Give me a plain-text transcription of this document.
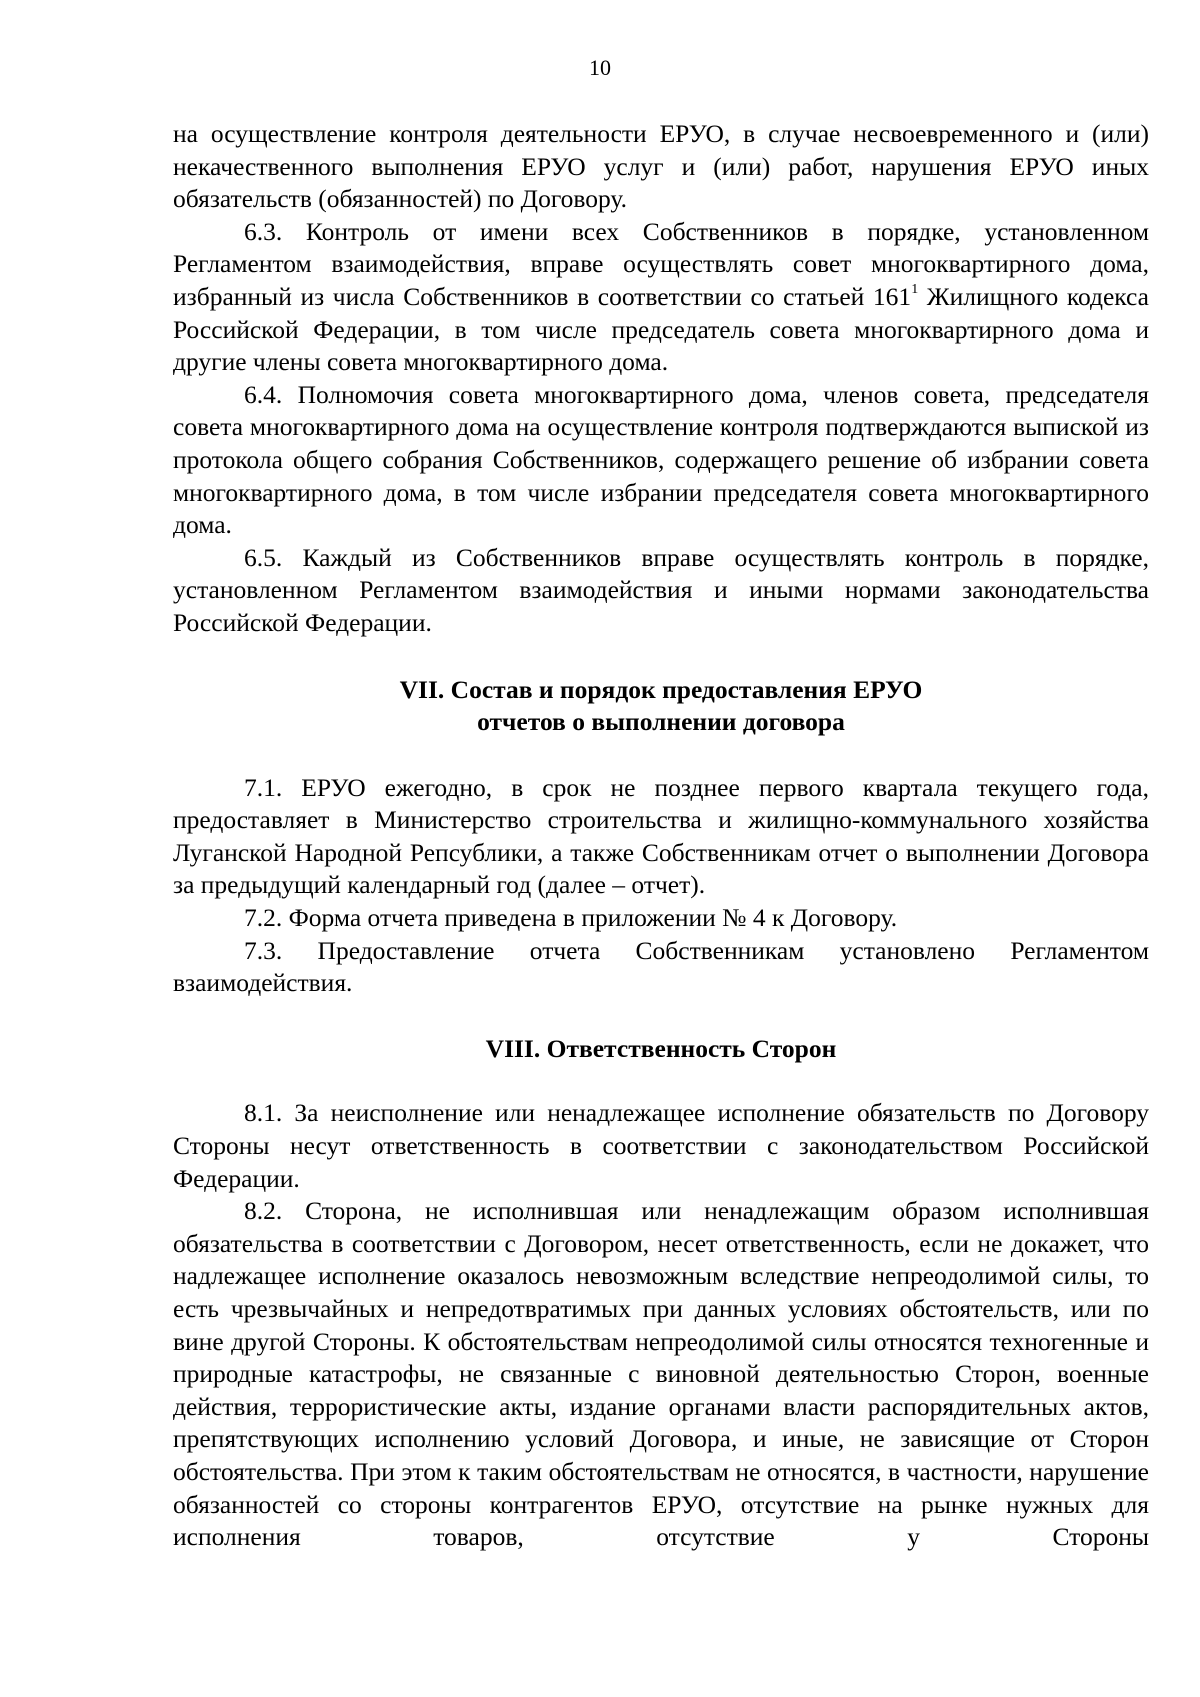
10

на осуществление контроля деятельности ЕРУО, в случае несвоевременного и (или) некачественного выполнения ЕРУО услуг и (или) работ, нарушения ЕРУО иных обязательств (обязанностей) по Договору.

6.3. Контроль от имени всех Собственников в порядке, установленном Регламентом взаимодействия, вправе осуществлять совет многоквартирного дома, избранный из числа Собственников в соответствии со статьей $161^1$ Жилищного кодекса Российской Федерации, в том числе председатель совета многоквартирного дома и другие члены совета многоквартирного дома.

6.4. Полномочия совета многоквартирного дома, членов совета, председателя совета многоквартирного дома на осуществление контроля подтверждаются выпиской из протокола общего собрания Собственников, содержащего решение об избрании совета многоквартирного дома, в том числе избрании председателя совета многоквартирного дома.

6.5. Каждый из Собственников вправе осуществлять контроль в порядке, установленном Регламентом взаимодействия и иными нормами законодательства Российской Федерации.

VII. Состав и порядок предоставления ЕРУО

отчетов о выполнении договора

7.1. ЕРУО ежегодно, в срок не позднее первого квартала текущего года, предоставляет в Министерство строительства и жилищно-коммунального хозяйства Луганской Народной Репсублики, а также Собственникам отчет о выполнении Договора за предыдущий календарный год (далее – отчет).

7.2. Форма отчета приведена в приложении № 4 к Договору.

7.3. Предоставление отчета Собственникам установлено Регламентом взаимодействия.

VIII. Ответственность Сторон

8.1. За неисполнение или ненадлежащее исполнение обязательств по Договору Стороны несут ответственность в соответствии с законодательством Российской Федерации.

8.2. Сторона, не исполнившая или ненадлежащим образом исполнившая обязательства в соответствии с Договором, несет ответственность, если не докажет, что надлежащее исполнение оказалось невозможным вследствие непреодолимой силы, то есть чрезвычайных и непредотвратимых при данных условиях обстоятельств, или по вине другой Стороны. К обстоятельствам непреодолимой силы относятся техногенные и природные катастрофы, не связанные с виновной деятельностью Сторон, военные действия, террористические акты, издание органами власти распорядительных актов, препятствующих исполнению условий Договора, и иные, не зависящие от Сторон обстоятельства. При этом к таким обстоятельствам не относятся, в частности, нарушение обязанностей со стороны контрагентов ЕРУО, отсутствие на рынке нужных для исполнения товаров, отсутствие у Стороны
